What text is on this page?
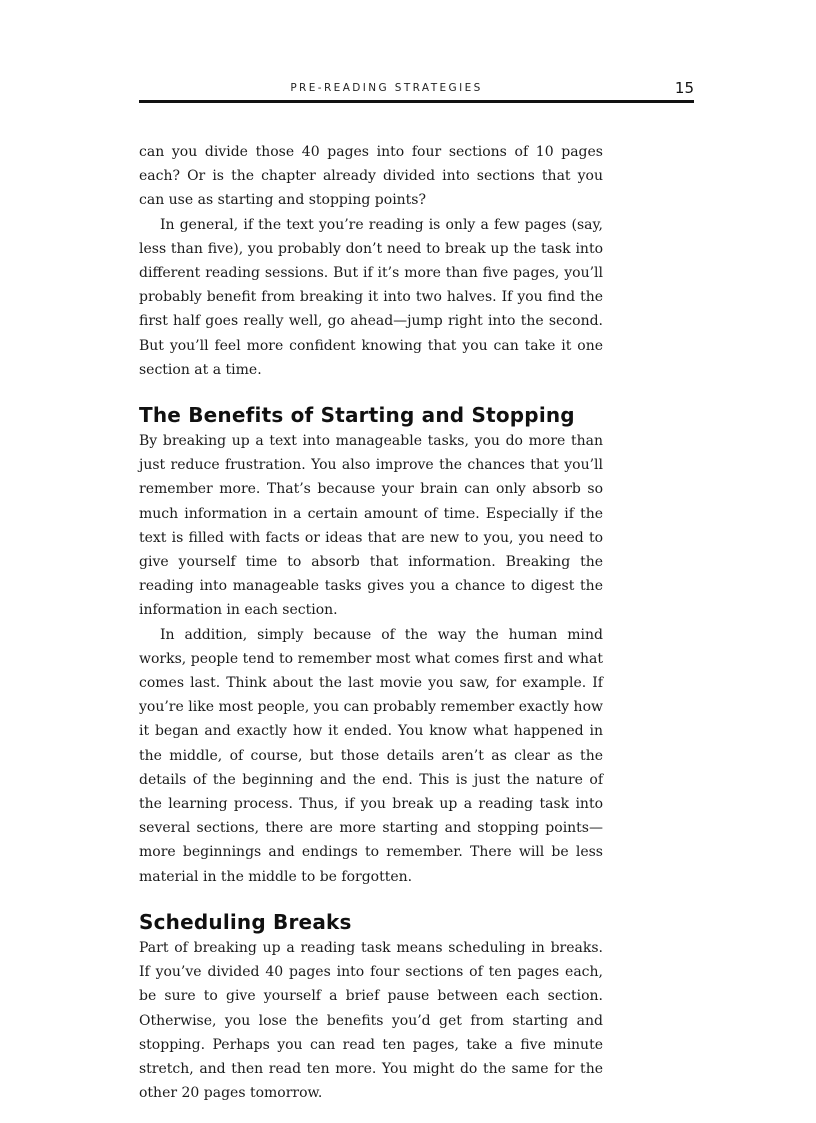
PRE-READING STRATEGIES	15

can you divide those 40 pages into four sections of 10 pages each? Or is the chapter already divided into sections that you can use as starting and stopping points?

In general, if the text you’re reading is only a few pages (say, less than five), you probably don’t need to break up the task into different reading sessions. But if it’s more than five pages, you’ll probably benefit from breaking it into two halves. If you find the first half goes really well, go ahead—jump right into the second. But you’ll feel more confident knowing that you can take it one section at a time.

The Benefits of Starting and Stopping

By breaking up a text into manageable tasks, you do more than just reduce frustration. You also improve the chances that you’ll remember more. That’s because your brain can only absorb so much information in a certain amount of time. Especially if the text is filled with facts or ideas that are new to you, you need to give yourself time to absorb that information. Breaking the reading into manageable tasks gives you a chance to digest the information in each section.

In addition, simply because of the way the human mind works, people tend to remember most what comes first and what comes last. Think about the last movie you saw, for example. If you’re like most people, you can probably remember exactly how it began and exactly how it ended. You know what happened in the middle, of course, but those details aren’t as clear as the details of the beginning and the end. This is just the nature of the learning process. Thus, if you break up a reading task into several sections, there are more starting and stopping points—more beginnings and endings to remember. There will be less material in the middle to be forgotten.

Scheduling Breaks

Part of breaking up a reading task means scheduling in breaks. If you’ve divided 40 pages into four sections of ten pages each, be sure to give yourself a brief pause between each section. Otherwise, you lose the benefits you’d get from starting and stopping. Perhaps you can read ten pages, take a five minute stretch, and then read ten more. You might do the same for the other 20 pages tomorrow.
